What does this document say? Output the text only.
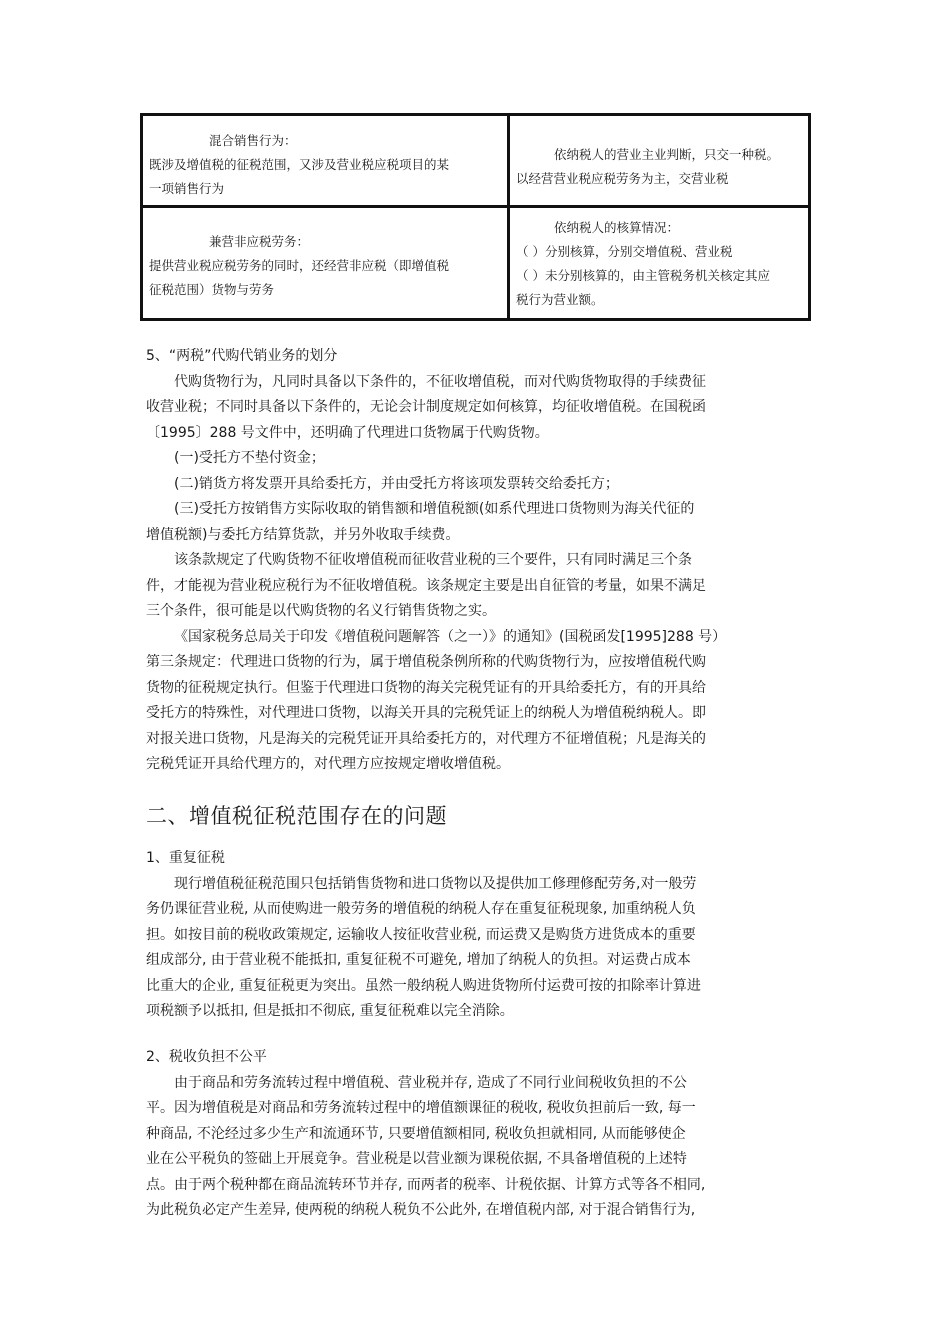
混合销售行为：
既涉及增值税的征税范围，又涉及营业税应税项目的某
一项销售行为
依纳税人的营业主业判断，只交一种税。
以经营营业税应税劳务为主，交营业税
兼营非应税劳务：
提供营业税应税劳务的同时，还经营非应税（即增值税
征税范围）货物与劳务
依纳税人的核算情况：
（ ）分别核算，分别交增值税、营业税
（ ）未分别核算的，由主管税务机关核定其应
税行为营业额。
5、“两税”代购代销业务的划分
代购货物行为，凡同时具备以下条件的，不征收增值税，而对代购货物取得的手续费征
收营业税；不同时具备以下条件的，无论会计制度规定如何核算，均征收增值税。在国税函
〔1995〕288 号文件中，还明确了代理进口货物属于代购货物。
(一)受托方不垫付资金；
(二)销货方将发票开具给委托方，并由受托方将该项发票转交给委托方；
(三)受托方按销售方实际收取的销售额和增值税额(如系代理进口货物则为海关代征的
增值税额)与委托方结算货款，并另外收取手续费。
该条款规定了代购货物不征收增值税而征收营业税的三个要件，只有同时满足三个条
件，才能视为营业税应税行为不征收增值税。该条规定主要是出自征管的考量，如果不满足
三个条件，很可能是以代购货物的名义行销售货物之实。
《国家税务总局关于印发《增值税问题解答（之一）》的通知》(国税函发[1995]288 号）
第三条规定：代理进口货物的行为，属于增值税条例所称的代购货物行为，应按增值税代购
货物的征税规定执行。但鉴于代理进口货物的海关完税凭证有的开具给委托方，有的开具给
受托方的特殊性，对代理进口货物，以海关开具的完税凭证上的纳税人为增值税纳税人。即
对报关进口货物，凡是海关的完税凭证开具给委托方的，对代理方不征增值税；凡是海关的
完税凭证开具给代理方的，对代理方应按规定增收增值税。
二、增值税征税范围存在的问题
1、重复征税
现行增值税征税范围只包括销售货物和进口货物以及提供加工修理修配劳务,对一般劳
务仍课征营业税, 从而使购进一般劳务的增值税的纳税人存在重复征税现象, 加重纳税人负
担。如按目前的税收政策规定, 运输收人按征收营业税, 而运费又是购货方进货成本的重要
组成部分, 由于营业税不能抵扣, 重复征税不可避免, 增加了纳税人的负担。对运费占成本
比重大的企业, 重复征税更为突出。虽然一般纳税人购进货物所付运费可按的扣除率计算进
项税额予以抵扣, 但是抵扣不彻底, 重复征税难以完全消除。
2、税收负担不公平
由于商品和劳务流转过程中增值税、营业税并存, 造成了不同行业间税收负担的不公
平。因为增值税是对商品和劳务流转过程中的增值额课征的税收, 税收负担前后一致, 每一
种商品, 不沦经过多少生产和流通环节, 只要增值额相同, 税收负担就相同, 从而能够使企
业在公平税负的签础上开展竟争。营业税是以营业额为课税依据, 不具备增值税的上述特
点。由于两个税种都在商品流转环节并存, 而两者的税率、计税依据、计算方式等各不相同,
为此税负必定产生差异, 使两税的纳税人税负不公此外, 在增值税内部, 对于混合销售行为,
